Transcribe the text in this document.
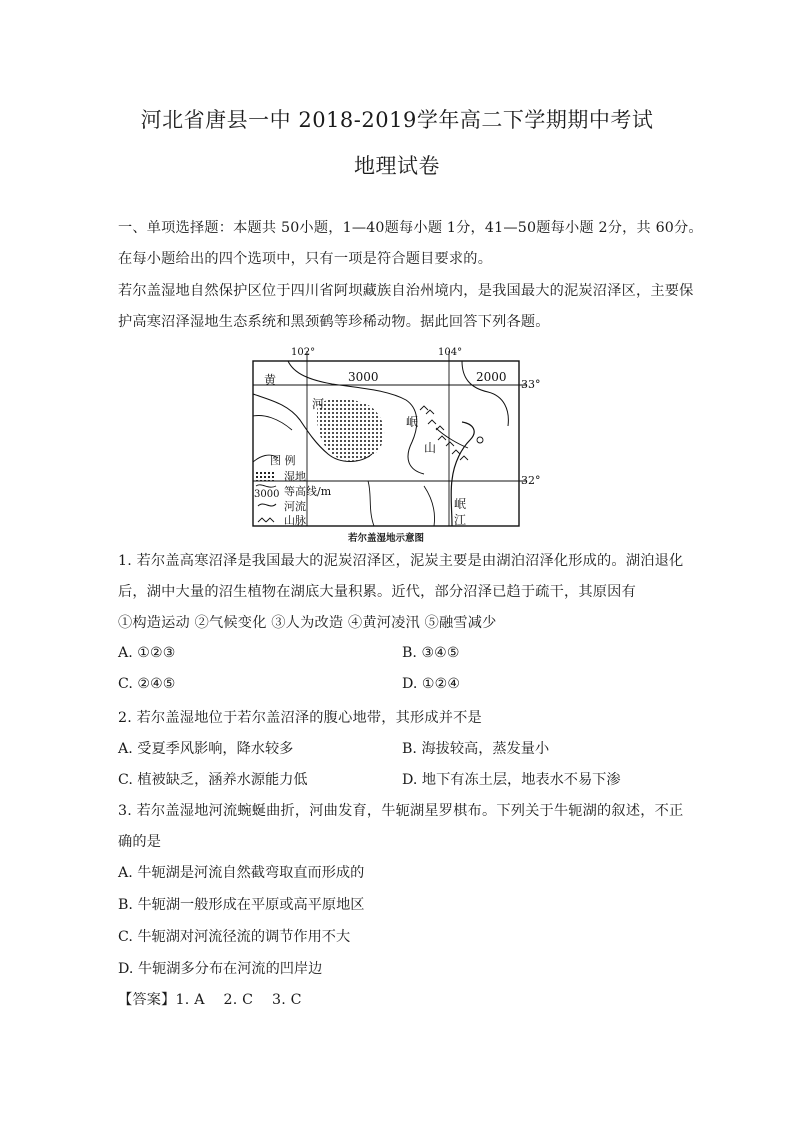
河北省唐县一中 2018-2019学年高二下学期期中考试
地理试卷
一、单项选择题：本题共 50小题，1—40题每小题 1分，41—50题每小题 2分，共 60分。
在每小题给出的四个选项中，只有一项是符合题目要求的。
若尔盖湿地自然保护区位于四川省阿坝藏族自治州境内，是我国最大的泥炭沼泽区，主要保
护高寒沼泽湿地生态系统和黑颈鹤等珍稀动物。据此回答下列各题。
102°	104°
33°
32°
3000	2000
黄
河
岷
山
岷
江
图 例
湿地
3000 等高线/m
河流
山脉
若尔盖湿地示意图
1. 若尔盖高寒沼泽是我国最大的泥炭沼泽区，泥炭主要是由湖泊沼泽化形成的。湖泊退化
后，湖中大量的沼生植物在湖底大量积累。近代，部分沼泽已趋于疏干，其原因有
①构造运动 ②气候变化 ③人为改造 ④黄河凌汛 ⑤融雪减少
A. ①②③	B. ③④⑤
C. ②④⑤	D. ①②④
2. 若尔盖湿地位于若尔盖沼泽的腹心地带，其形成并不是
A. 受夏季风影响，降水较多	B. 海拔较高，蒸发量小
C. 植被缺乏，涵养水源能力低	D. 地下有冻土层，地表水不易下渗
3. 若尔盖湿地河流蜿蜒曲折，河曲发育，牛轭湖星罗棋布。下列关于牛轭湖的叙述，不正
确的是
A. 牛轭湖是河流自然截弯取直而形成的
B. 牛轭湖一般形成在平原或高平原地区
C. 牛轭湖对河流径流的调节作用不大
D. 牛轭湖多分布在河流的凹岸边
【答案】1. A    2. C    3. C
